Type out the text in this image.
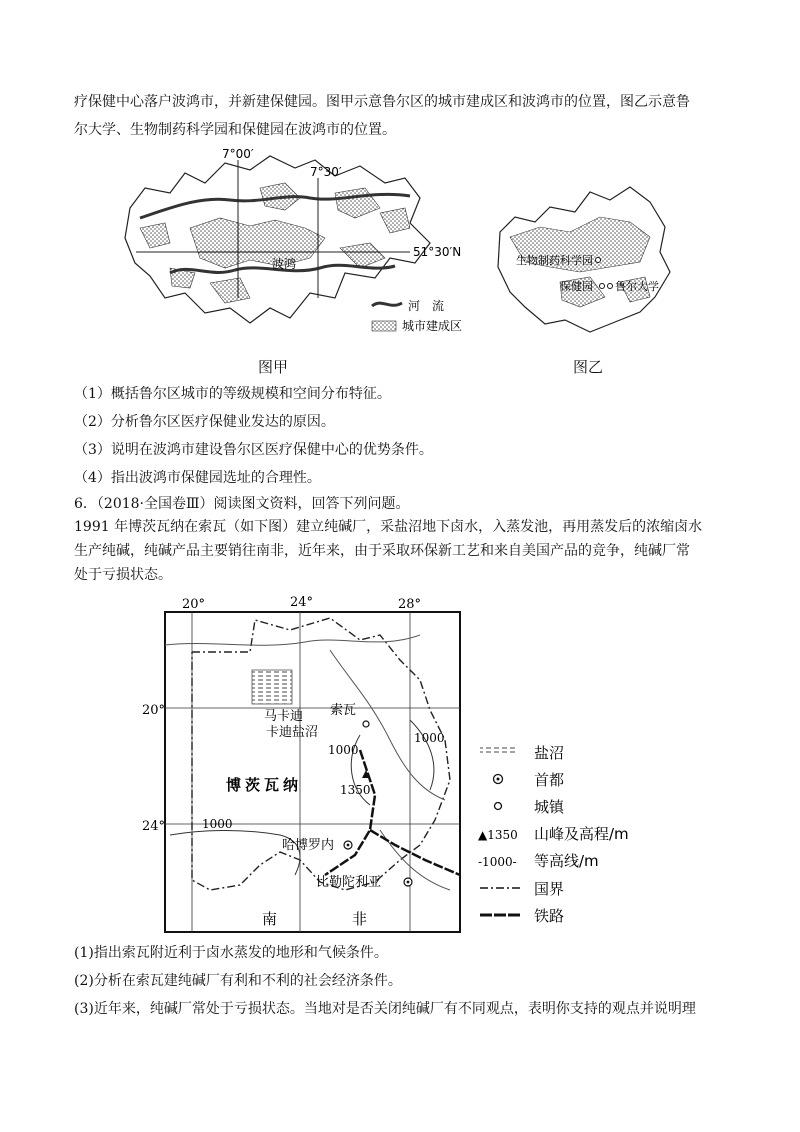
疗保健中心落户波鸿市，并新建保健园。图甲示意鲁尔区的城市建成区和波鸿市的位置，图乙示意鲁
尔大学、生物制药科学园和保健园在波鸿市的位置。
7°00′
7°30′
51°30′N
波鸿
河　流
城市建成区
图甲
生物制药科学园
保健园 鲁尔大学
图乙
（1）概括鲁尔区城市的等级规模和空间分布特征。
（2）分析鲁尔区医疗保健业发达的原因。
（3）说明在波鸿市建设鲁尔区医疗保健中心的优势条件。
（4）指出波鸿市保健园选址的合理性。
6．（2018·全国卷Ⅲ）阅读图文资料，回答下列问题。
1991 年博茨瓦纳在索瓦（如下图）建立纯碱厂，采盐沼地下卤水，入蒸发池，再用蒸发后的浓缩卤水
生产纯碱，纯碱产品主要销往南非，近年来，由于采取环保新工艺和来自美国产品的竞争，纯碱厂常
处于亏损状态。
20°	24°	28°
20°
24°
马卡迪 索瓦
卡迪盐沼
1000
1000
1000
1350
博茨瓦纳
哈博罗内
比勒陀利亚
南	非
盐沼
首都
城镇
▲1350 山峰及高程/m
-1000- 等高线/m
国界
铁路
(1)指出索瓦附近利于卤水蒸发的地形和气候条件。
(2)分析在索瓦建纯碱厂有利和不利的社会经济条件。
(3)近年来，纯碱厂常处于亏损状态。当地对是否关闭纯碱厂有不同观点，表明你支持的观点并说明理
